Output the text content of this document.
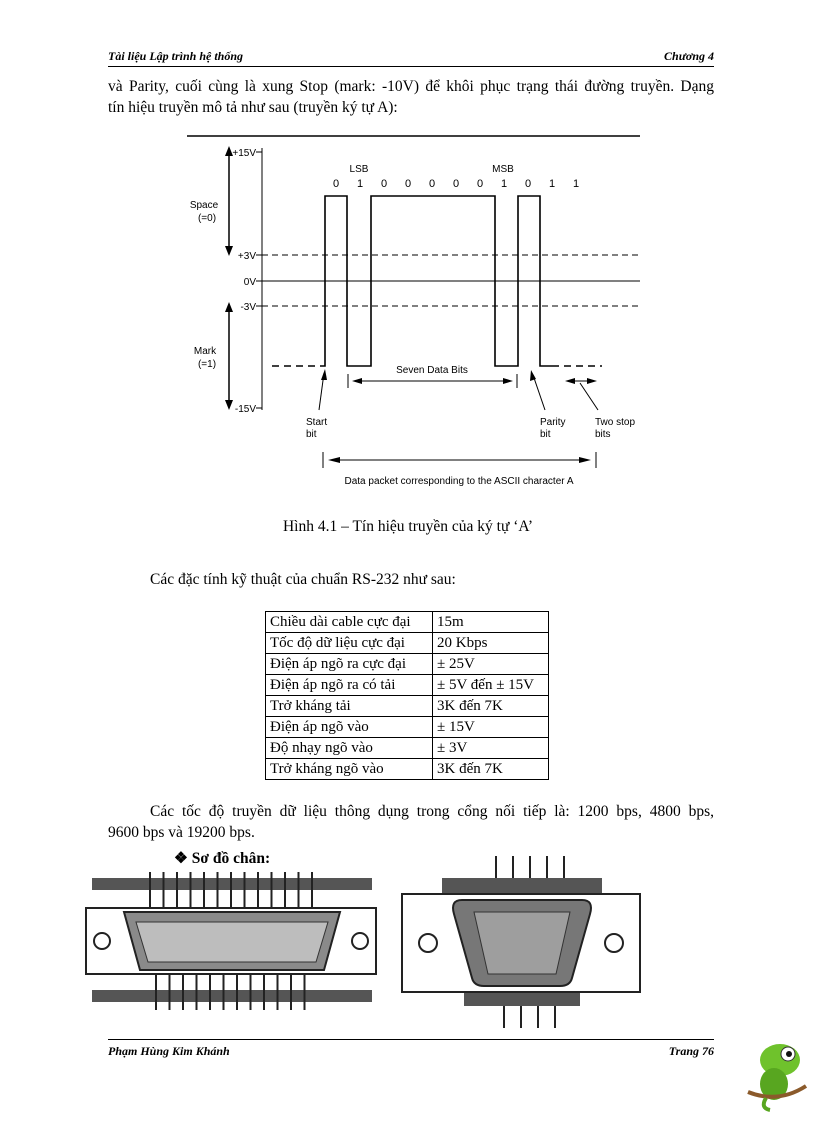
Tài liệu Lập trình hệ thống	Chương 4
và Parity, cuối cùng là xung Stop (mark: -10V) để khôi phục trạng thái đường truyền. Dạng
tín hiệu truyền mô tả như sau (truyền ký tự A):
+15V
+3V
0V
-3V
-15V
Space
(=0)
Mark
(=1)
LSB	MSB
0 1 0 0 0 0 0 1 0 1 1
Seven Data Bits
Start
bit
Parity
bit
Two stop
bits
Data packet corresponding to the ASCII character A
Hình 4.1 – Tín hiệu truyền của ký tự ‘A’
Các đặc tính kỹ thuật của chuẩn RS-232 như sau:
Chiều dài cable cực đại	15m
Tốc độ dữ liệu cực đại	20 Kbps
Điện áp ngõ ra cực đại	± 25V
Điện áp ngõ ra có tải	± 5V đến ± 15V
Trở kháng tải	3K đến 7K
Điện áp ngõ vào	± 15V
Độ nhạy ngõ vào	± 3V
Trở kháng ngõ vào	3K đến 7K
Các tốc độ truyền dữ liệu thông dụng trong cổng nối tiếp là: 1200 bps, 4800 bps,
9600 bps và 19200 bps.
❖ Sơ đồ chân:
Phạm Hùng Kim Khánh	Trang 76
